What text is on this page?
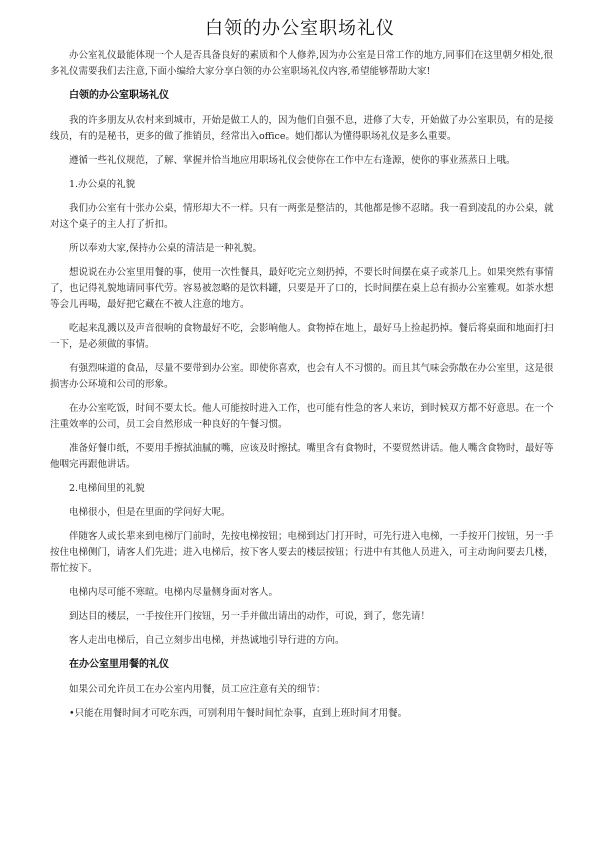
白领的办公室职场礼仪

办公室礼仪最能体现一个人是否具备良好的素质和个人修养,因为办公室是日常工作的地方,同事们在这里朝夕相处,很多礼仪需要我们去注意,下面小编给大家分享白领的办公室职场礼仪内容,希望能够帮助大家!

白领的办公室职场礼仪

我的许多朋友从农村来到城市，开始是做工人的，因为他们自强不息，进修了大专，开始做了办公室职员，有的是接线员，有的是秘书，更多的做了推销员，经常出入office。她们都认为懂得职场礼仪是多么重要。

遵循一些礼仪规范，了解、掌握并恰当地应用职场礼仪会使你在工作中左右逢源，使你的事业蒸蒸日上哦。

1.办公桌的礼貌

我们办公室有十张办公桌，情形却大不一样。只有一两张是整洁的，其他都是惨不忍睹。我一看到凌乱的办公桌，就对这个桌子的主人打了折扣。

所以奉劝大家,保持办公桌的清洁是一种礼貌。

想说说在办公室里用餐的事，使用一次性餐具，最好吃完立刻扔掉，不要长时间摆在桌子或茶几上。如果突然有事情了，也记得礼貌地请同事代劳。容易被忽略的是饮料罐，只要是开了口的，长时间摆在桌上总有损办公室雅观。如茶水想等会儿再喝，最好把它藏在不被人注意的地方。

吃起来乱溅以及声音很响的食物最好不吃，会影响他人。食物掉在地上，最好马上捡起扔掉。餐后将桌面和地面打扫一下，是必须做的事情。

有强烈味道的食品，尽量不要带到办公室。即使你喜欢，也会有人不习惯的。而且其气味会弥散在办公室里，这是很损害办公环境和公司的形象。

在办公室吃饭，时间不要太长。他人可能按时进入工作，也可能有性急的客人来访，到时候双方都不好意思。在一个注重效率的公司，员工会自然形成一种良好的午餐习惯。

准备好餐巾纸，不要用手擦拭油腻的嘴，应该及时擦拭。嘴里含有食物时，不要贸然讲话。他人嘴含食物时，最好等他咽完再跟他讲话。

2.电梯间里的礼貌

电梯很小，但是在里面的学问好大呢。

伴随客人或长辈来到电梯厅门前时，先按电梯按钮；电梯到达门打开时，可先行进入电梯，一手按开门按钮，另一手按住电梯侧门，请客人们先进；进入电梯后，按下客人要去的楼层按钮；行进中有其他人员进入，可主动询问要去几楼，帮忙按下。

电梯内尽可能不寒暄。电梯内尽量侧身面对客人。

到达目的楼层，一手按住开门按钮，另一手并做出请出的动作，可说，到了，您先请！

客人走出电梯后，自己立刻步出电梯，并热诚地引导行进的方向。

在办公室里用餐的礼仪

如果公司允许员工在办公室内用餐，员工应注意有关的细节：

•只能在用餐时间才可吃东西，可别利用午餐时间忙杂事，直到上班时间才用餐。
